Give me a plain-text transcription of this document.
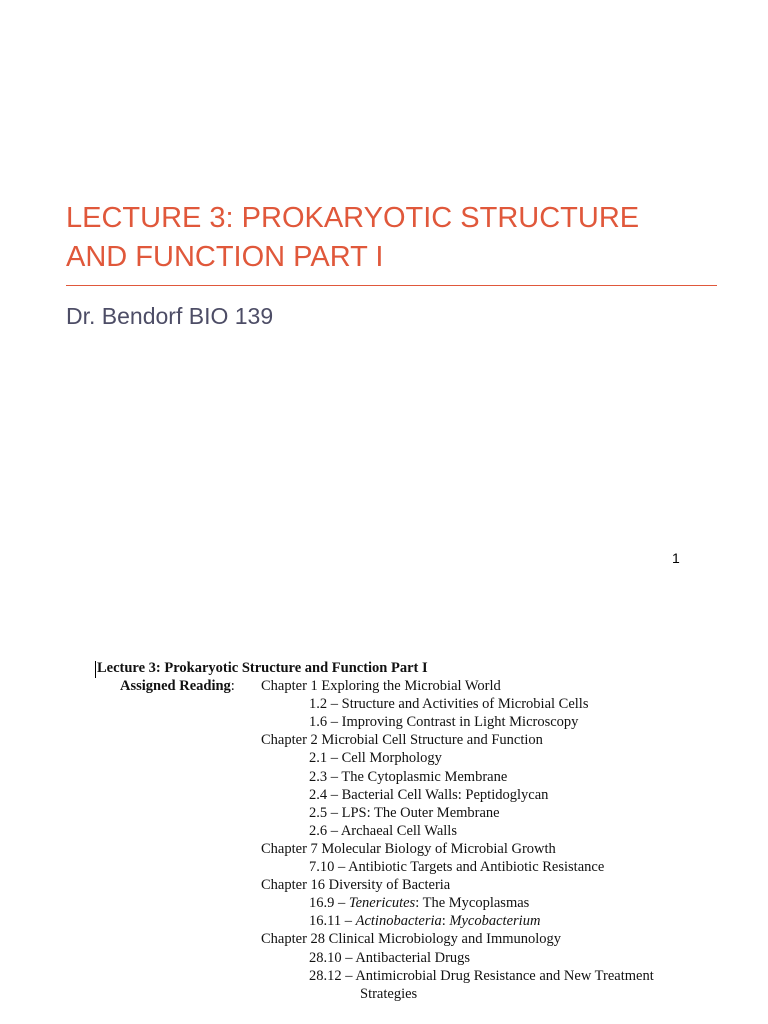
LECTURE 3: PROKARYOTIC STRUCTURE
AND FUNCTION PART I
Dr. Bendorf BIO 139
1
Lecture 3: Prokaryotic Structure and Function Part I
Assigned Reading: Chapter 1 Exploring the Microbial World
1.2 – Structure and Activities of Microbial Cells
1.6 – Improving Contrast in Light Microscopy
Chapter 2 Microbial Cell Structure and Function
2.1 – Cell Morphology
2.3 – The Cytoplasmic Membrane
2.4 – Bacterial Cell Walls: Peptidoglycan
2.5 – LPS: The Outer Membrane
2.6 – Archaeal Cell Walls
Chapter 7 Molecular Biology of Microbial Growth
7.10 – Antibiotic Targets and Antibiotic Resistance
Chapter 16 Diversity of Bacteria
16.9 – Tenericutes: The Mycoplasmas
16.11 – Actinobacteria: Mycobacterium
Chapter 28 Clinical Microbiology and Immunology
28.10 – Antibacterial Drugs
28.12 – Antimicrobial Drug Resistance and New Treatment
Strategies
